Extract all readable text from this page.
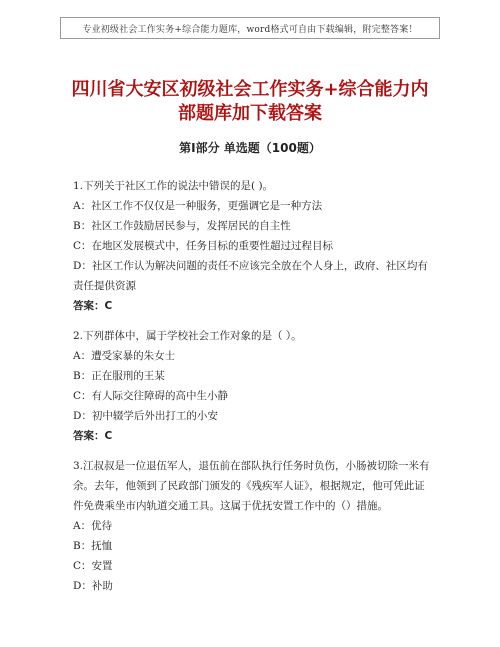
专业初级社会工作实务+综合能力题库，word格式可自由下载编辑，附完整答案！
四川省大安区初级社会工作实务+综合能力内
部题库加下载答案
第Ⅰ部分 单选题（100题）

1.下列关于社区工作的说法中错误的是( )。

A：社区工作不仅仅是一种服务，更强调它是一种方法

B：社区工作鼓励居民参与，发挥居民的自主性

C：在地区发展模式中，任务目标的重要性超过过程目标

D：社区工作认为解决问题的责任不应该完全放在个人身上，政府、社区均有责任提供资源

答案：C

2.下列群体中，属于学校社会工作对象的是（ ）。

A：遭受家暴的朱女士

B：正在服刑的王某

C：有人际交往障碍的高中生小静

D：初中辍学后外出打工的小安

答案：C

3.江叔叔是一位退伍军人，退伍前在部队执行任务时负伤，小肠被切除一米有余。去年，他领到了民政部门颁发的《残疾军人证》，根据规定，他可凭此证件免费乘坐市内轨道交通工具。这属于优抚安置工作中的（）措施。

A：优待

B：抚恤

C：安置

D：补助
